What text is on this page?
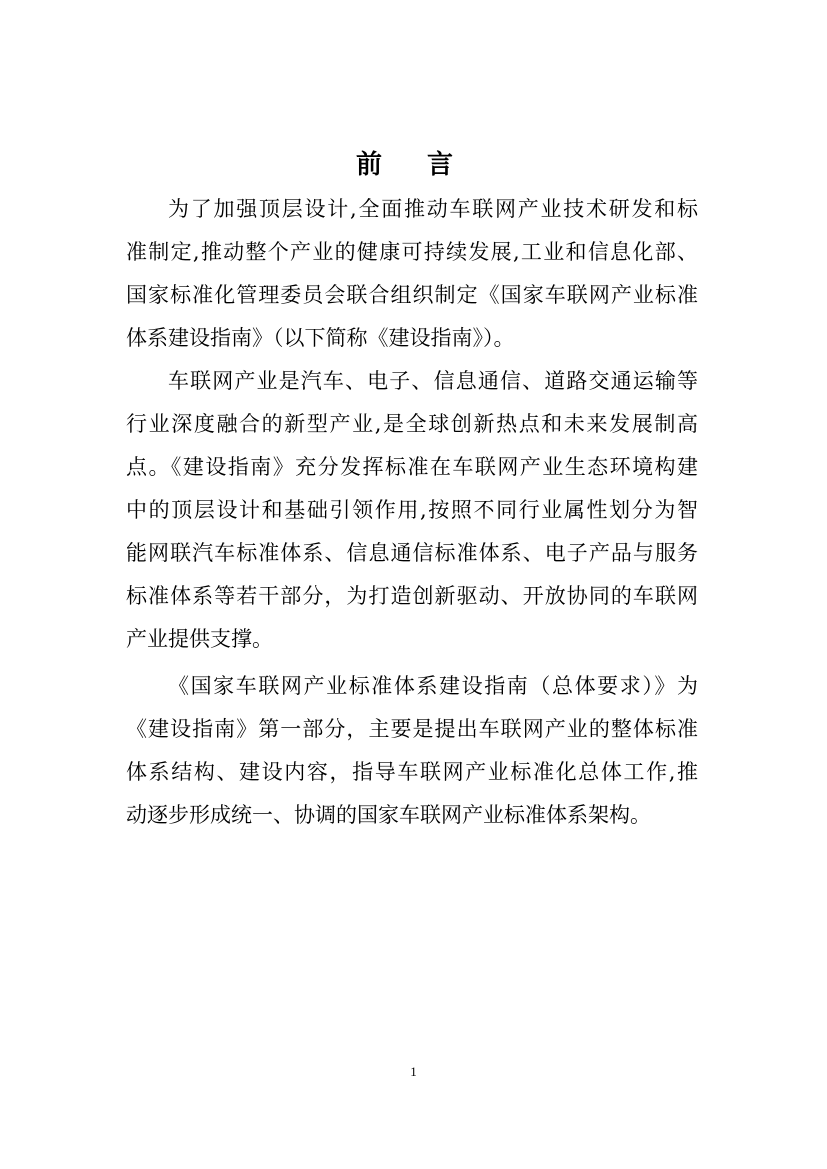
前 言

为了加强顶层设计,全面推动车联网产业技术研发和标
准制定,推动整个产业的健康可持续发展,工业和信息化部、
国家标准化管理委员会联合组织制定《国家车联网产业标准
体系建设指南》（以下简称《建设指南》）。

车联网产业是汽车、电子、信息通信、道路交通运输等
行业深度融合的新型产业,是全球创新热点和未来发展制高
点。《建设指南》充分发挥标准在车联网产业生态环境构建
中的顶层设计和基础引领作用,按照不同行业属性划分为智
能网联汽车标准体系、信息通信标准体系、电子产品与服务
标准体系等若干部分，为打造创新驱动、开放协同的车联网
产业提供支撑。

《国家车联网产业标准体系建设指南（总体要求）》为
《建设指南》第一部分，主要是提出车联网产业的整体标准
体系结构、建设内容，指导车联网产业标准化总体工作,推
动逐步形成统一、协调的国家车联网产业标准体系架构。

1
